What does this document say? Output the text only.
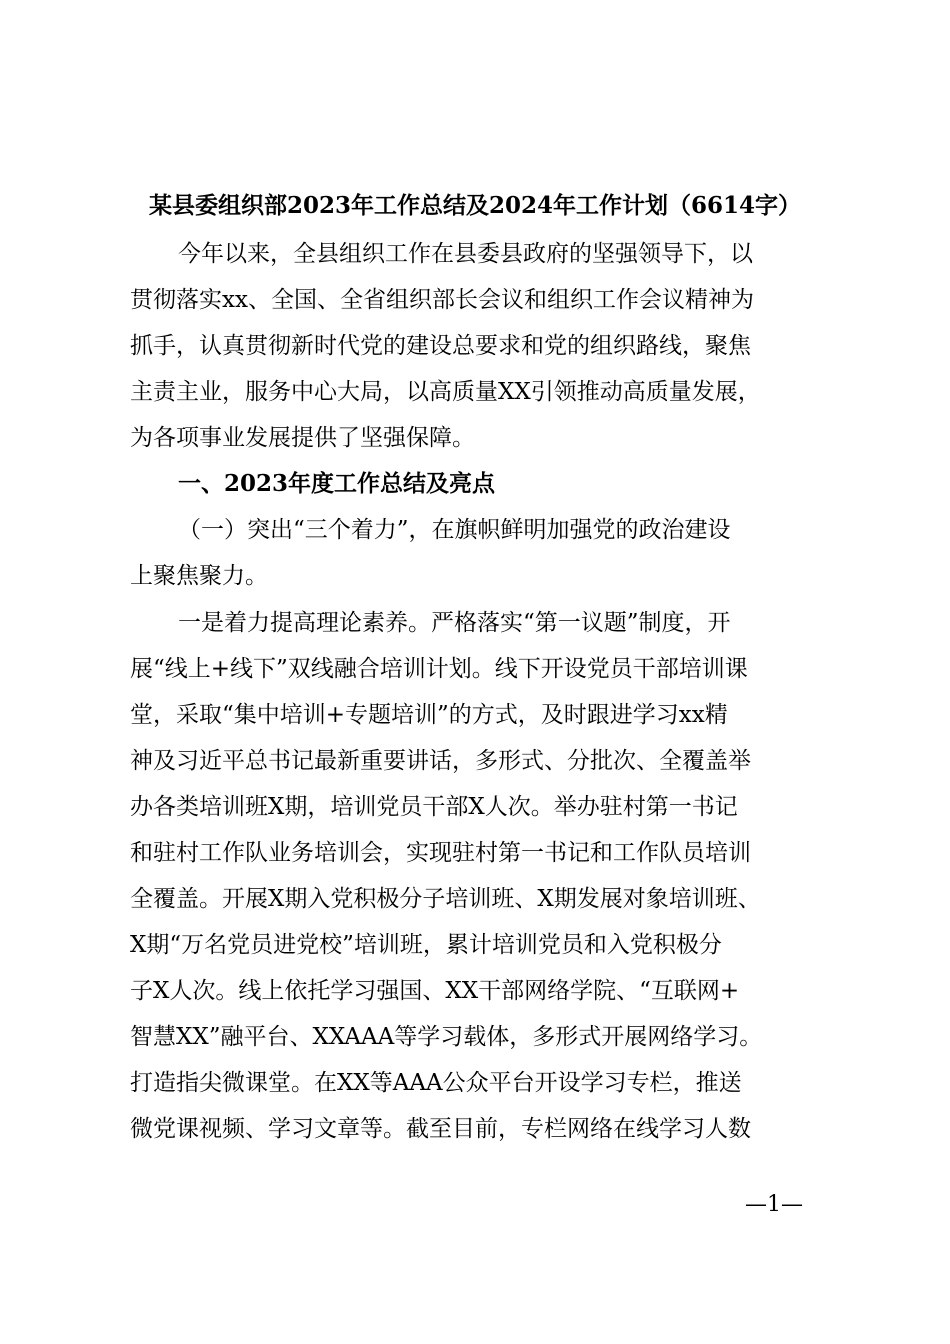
某县委组织部2023年工作总结及2024年工作计划（6614字）
今年以来，全县组织工作在县委县政府的坚强领导下，以
贯彻落实xx、全国、全省组织部长会议和组织工作会议精神为
抓手，认真贯彻新时代党的建设总要求和党的组织路线，聚焦
主责主业，服务中心大局，以高质量XX引领推动高质量发展，
为各项事业发展提供了坚强保障。
一、2023年度工作总结及亮点
（一）突出“三个着力”，在旗帜鲜明加强党的政治建设
上聚焦聚力。
一是着力提高理论素养。严格落实“第一议题”制度，开
展“线上+线下”双线融合培训计划。线下开设党员干部培训课
堂，采取“集中培训+专题培训”的方式，及时跟进学习xx精
神及习近平总书记最新重要讲话，多形式、分批次、全覆盖举
办各类培训班X期，培训党员干部X人次。举办驻村第一书记
和驻村工作队业务培训会，实现驻村第一书记和工作队员培训
全覆盖。开展X期入党积极分子培训班、X期发展对象培训班、
X期“万名党员进党校”培训班，累计培训党员和入党积极分
子X人次。线上依托学习强国、XX干部网络学院、“互联网+
智慧XX”融平台、XXAAA等学习载体，多形式开展网络学习。
打造指尖微课堂。在XX等AAA公众平台开设学习专栏，推送
微党课视频、学习文章等。截至目前，专栏网络在线学习人数
—1—
